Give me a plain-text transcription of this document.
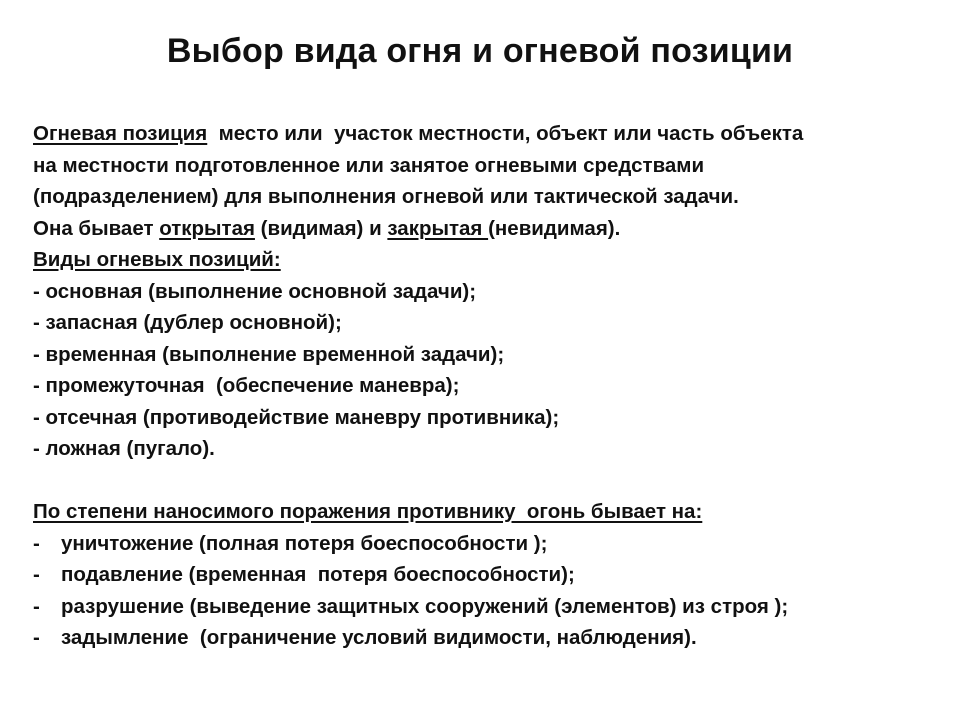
Выбор вида огня и огневой позиции
Огневая позиция  место или  участок местности, объект или часть объекта
на местности подготовленное или занятое огневыми средствами
(подразделением) для выполнения огневой или тактической задачи.
Она бывает открытая (видимая) и закрытая (невидимая).
Виды огневых позиций:
- основная (выполнение основной задачи);
- запасная (дублер основной);
- временная (выполнение временной задачи);
- промежуточная  (обеспечение маневра);
- отсечная (противодействие маневру противника);
- ложная (пугало).
По степени наносимого поражения противнику  огонь бывает на:
- уничтожение (полная потеря боеспособности );
- подавление (временная  потеря боеспособности);
- разрушение (выведение защитных сооружений (элементов) из строя );
- задымление  (ограничение условий видимости, наблюдения).
